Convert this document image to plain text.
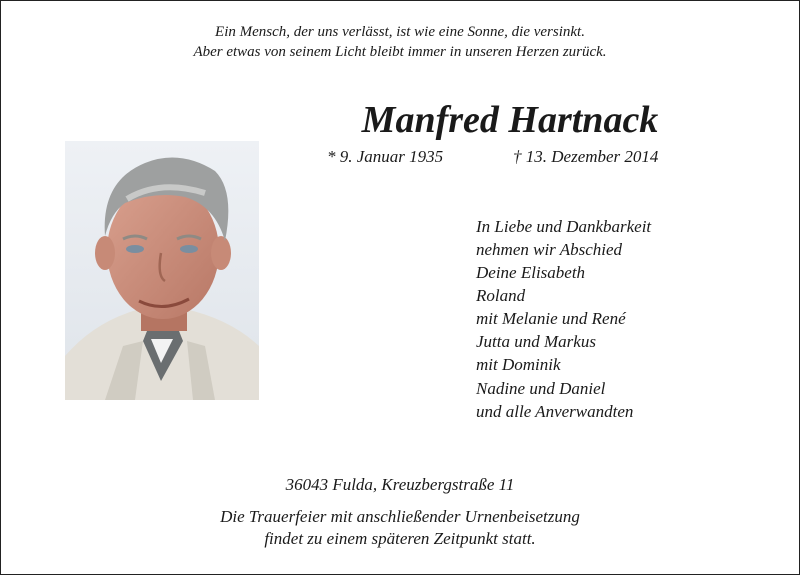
Ein Mensch, der uns verlässt, ist wie eine Sonne, die versinkt.
Aber etwas von seinem Licht bleibt immer in unseren Herzen zurück.
Manfred Hartnack
* 9. Januar 1935	† 13. Dezember 2014
In Liebe und Dankbarkeit
nehmen wir Abschied
Deine Elisabeth
Roland
mit Melanie und René
Jutta und Markus
mit Dominik
Nadine und Daniel
und alle Anverwandten
36043 Fulda, Kreuzbergstraße 11
Die Trauerfeier mit anschließender Urnenbeisetzung
findet zu einem späteren Zeitpunkt statt.
